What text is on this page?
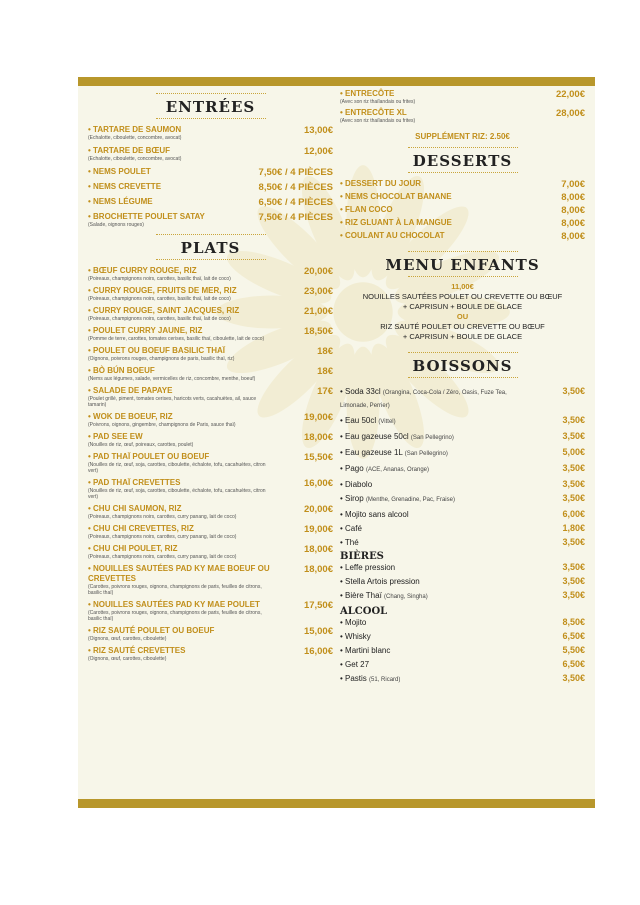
ENTRÉES
• TARTARE DE SAUMON
(Echalotte, ciboulette, concombre, avocat)
13,00€
• TARTARE DE BŒUF
(Echalotte, ciboulette, concombre, avocat)
12,00€
• NEMS POULET	7,50€ / 4 PIÈCES
• NEMS CREVETTE	8,50€ / 4 PIÈCES
• NEMS LÉGUME	6,50€ / 4 PIÈCES
• BROCHETTE POULET SATAY
(Salade, oignons rouges)
7,50€ / 4 PIÈCES
PLATS
• BŒUF CURRY ROUGE, RIZ
(Poireaux, champignons noirs, carottes, basilic thaï, lait de coco)
20,00€
• CURRY ROUGE, FRUITS DE MER, RIZ
(Poireaux, champignons noirs, carottes, basilic thaï, lait de coco)
23,00€
• CURRY ROUGE, SAINT JACQUES, RIZ
(Poireaux, champignons noirs, carottes, basilic thaï, lait de coco)
21,00€
• POULET CURRY JAUNE, RIZ
(Pomme de terre, carottes, tomates cerises, basilic thaï, ciboulette, lait de coco)
18,50€
• POULET OU BOEUF BASILIC THAÏ
(Oignons, poivrons rouges, champignons de paris, basilic thaï, riz)
18€
• BÒ BÚN BOEUF
(Nems aux légumes, salade, vermicelles de riz, concombre, menthe, boeuf)
18€
• SALADE DE PAPAYE
(Poulet grillé, piment, tomates cerises, haricots verts, cacahuètes, ail, sauce tamarin)
17€
• WOK DE BOEUF, RIZ
(Poivrons, oignons, gingembre, champignons de Paris, sauce thaï)
19,00€
• PAD SEE EW
(Nouilles de riz, œuf, poireaux, carottes, poulet)
18,00€
• PAD THAÏ POULET OU BOEUF
(Nouilles de riz, œuf, soja, carottes, ciboulette, échalote, tofu, cacahuètes, citron vert)
15,50€
• PAD THAÏ CREVETTES
(Nouilles de riz, œuf, soja, carottes, ciboulette, échalote, tofu, cacahuètes, citron vert)
16,00€
• CHU CHI SAUMON, RIZ
(Poireaux, champignons noirs, carottes, curry panang, lait de coco)
20,00€
• CHU CHI CREVETTES, RIZ
(Poireaux, champignons noirs, carottes, curry panang, lait de coco)
19,00€
• CHU CHI POULET, RIZ
(Poireaux, champignons noirs, carottes, curry panang, lait de coco)
18,00€
• NOUILLES SAUTÉES PAD KY MAE BOEUF OU CREVETTES
(Carottes, poivrons rouges, oignons, champignons de paris, feuilles de citrons, basilic thaï)
18,00€
• NOUILLES SAUTÉES PAD KY MAE POULET
(Carottes, poivrons rouges, oignons, champignons de paris, feuilles de citrons, basilic thaï)
17,50€
• RIZ SAUTÉ POULET OU BOEUF
(Oignons, œuf, carottes, ciboulette)
15,00€
• RIZ SAUTÉ CREVETTES
(Oignons, œuf, carottes, ciboulette)
16,00€
• ENTRECÔTE
(Avec son riz thaïlandais ou frites)
22,00€
• ENTRECÔTE XL
(Avec son riz thaïlandais ou frites)
28,00€
SUPPLÉMENT RIZ: 2.50€
DESSERTS
• DESSERT DU JOUR	7,00€
• NEMS CHOCOLAT BANANE	8,00€
• FLAN COCO	8,00€
• RIZ GLUANT À LA MANGUE	8,00€
• COULANT AU CHOCOLAT	8,00€
MENU ENFANTS
11,00€
NOUILLES SAUTÉES POULET OU CREVETTE OU BŒUF
+ CAPRISUN + BOULE DE GLACE
OU
RIZ SAUTÉ POULET OU CREVETTE OU BŒUF
+ CAPRISUN + BOULE DE GLACE
BOISSONS
• Soda 33cl (Orangina, Coca-Cola / Zéro, Oasis, Fuze Tea, Limonade, Perrier)
3,50€
• Eau 50cl (Vittel)	3,50€
• Eau gazeuse 50cl (San Pellegrino)	3,50€
• Eau gazeuse 1L (San Pellegrino)	5,00€
• Pago (ACE, Ananas, Orange)	3,50€
• Diabolo	3,50€
• Sirop (Menthe, Grenadine, Pac, Fraise)	3,50€
• Mojito sans alcool	6,00€
• Café	1,80€
• Thé	3,50€
BIÈRES
• Leffe pression	3,50€
• Stella Artois pression	3,50€
• Bière Thaï (Chang, Singha)	3,50€
ALCOOL
• Mojito	8,50€
• Whisky	6,50€
• Martini blanc	5,50€
• Get 27	6,50€
• Pastis (51, Ricard)	3,50€
